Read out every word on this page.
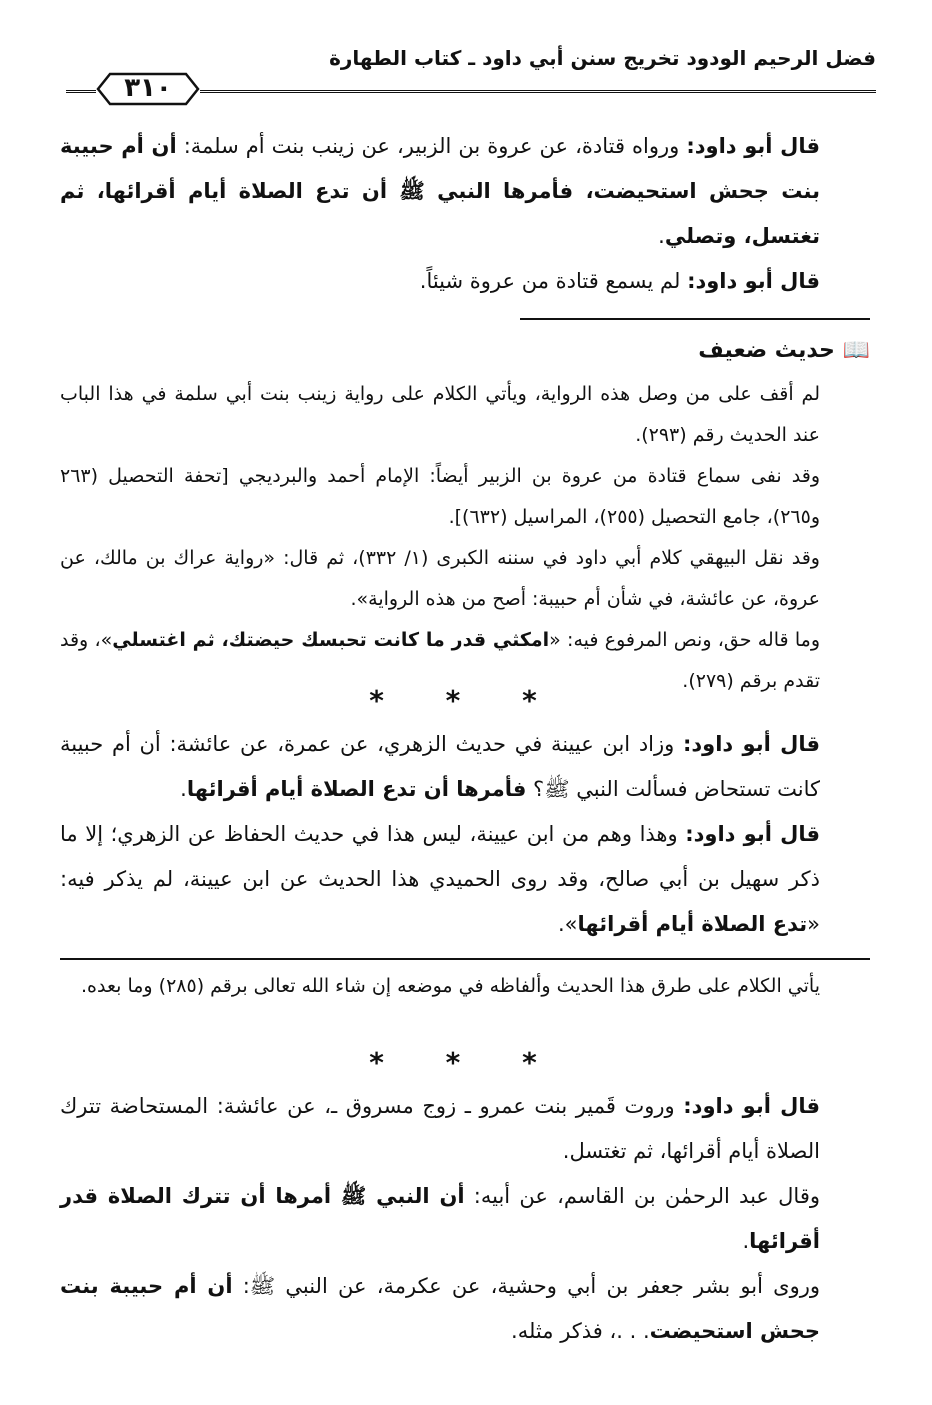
فضل الرحيم الودود تخريج سنن أبي داود ـ كتاب الطهارة
٣١٠

قال أبو داود: ورواه قتادة، عن عروة بن الزبير، عن زينب بنت أم سلمة: أن أم حبيبة بنت جحش استحيضت، فأمرها النبي ﷺ أن تدع الصلاة أيام أقرائها، ثم تغتسل، وتصلي.

قال أبو داود: لم يسمع قتادة من عروة شيئاً.

📖 حديث ضعيف

لم أقف على من وصل هذه الرواية، ويأتي الكلام على رواية زينب بنت أبي سلمة في هذا الباب عند الحديث رقم (٢٩٣).

وقد نفى سماع قتادة من عروة بن الزبير أيضاً: الإمام أحمد والبرديجي [تحفة التحصيل (٢٦٣ و٢٦٥)، جامع التحصيل (٢٥٥)، المراسيل (٦٣٢)].

وقد نقل البيهقي كلام أبي داود في سننه الكبرى (١/ ٣٣٢)، ثم قال: «رواية عراك بن مالك، عن عروة، عن عائشة، في شأن أم حبيبة: أصح من هذه الرواية».

وما قاله حق، ونص المرفوع فيه: «امكثي قدر ما كانت تحبسك حيضتك، ثم اغتسلي»، وقد تقدم برقم (٢٧٩).

* * *

قال أبو داود: وزاد ابن عيينة في حديث الزهري، عن عمرة، عن عائشة: أن أم حبيبة كانت تستحاض فسألت النبي ﷺ؟ فأمرها أن تدع الصلاة أيام أقرائها.

قال أبو داود: وهذا وهم من ابن عيينة، ليس هذا في حديث الحفاظ عن الزهري؛ إلا ما ذكر سهيل بن أبي صالح، وقد روى الحميدي هذا الحديث عن ابن عيينة، لم يذكر فيه: «تدع الصلاة أيام أقرائها».

يأتي الكلام على طرق هذا الحديث وألفاظه في موضعه إن شاء الله تعالى برقم (٢٨٥) وما بعده.

* * *

قال أبو داود: وروت قَمير بنت عمرو ـ زوج مسروق ـ، عن عائشة: المستحاضة تترك الصلاة أيام أقرائها، ثم تغتسل.

وقال عبد الرحمٰن بن القاسم، عن أبيه: أن النبي ﷺ أمرها أن تترك الصلاة قدر أقرائها.

وروى أبو بشر جعفر بن أبي وحشية، عن عكرمة، عن النبي ﷺ: أن أم حبيبة بنت جحش استحيضت. . .، فذكر مثله.
